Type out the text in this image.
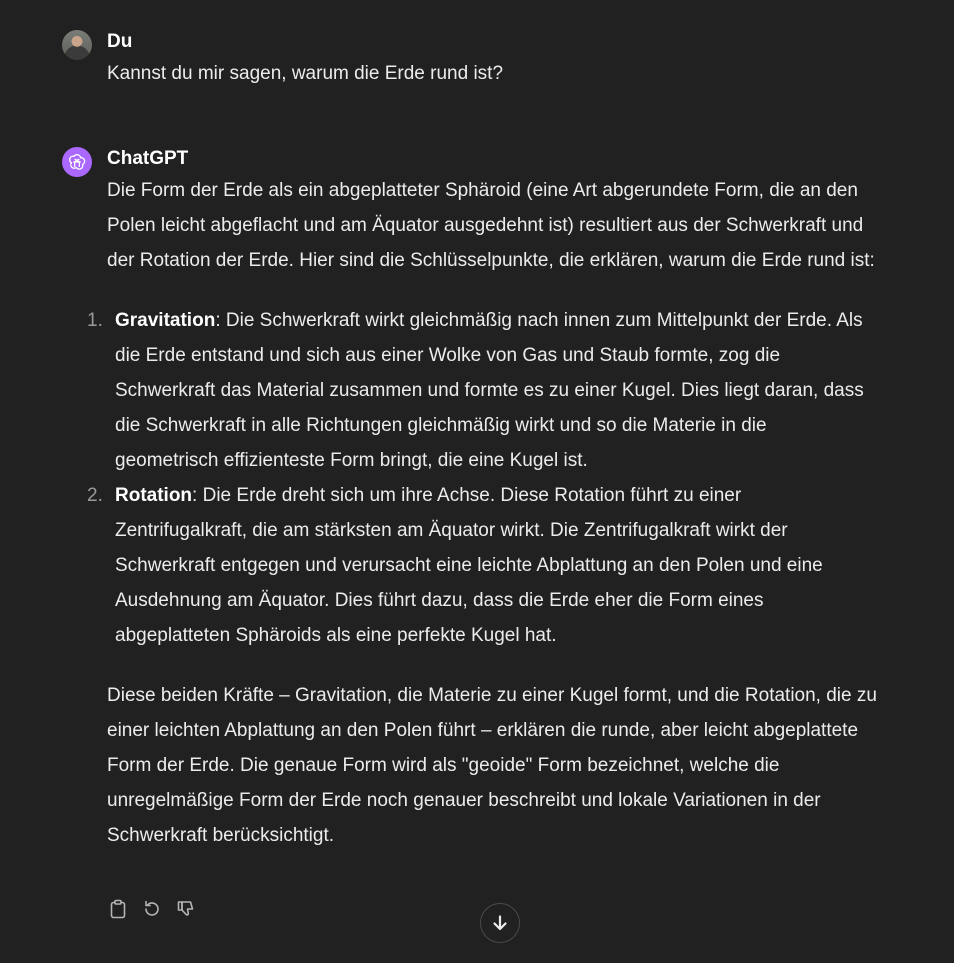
Du
Kannst du mir sagen, warum die Erde rund ist?
ChatGPT

Die Form der Erde als ein abgeplatteter Sphäroid (eine Art abgerundete Form, die an den Polen leicht abgeflacht und am Äquator ausgedehnt ist) resultiert aus der Schwerkraft und der Rotation der Erde. Hier sind die Schlüsselpunkte, die erklären, warum die Erde rund ist:

1. Gravitation: Die Schwerkraft wirkt gleichmäßig nach innen zum Mittelpunkt der Erde. Als die Erde entstand und sich aus einer Wolke von Gas und Staub formte, zog die Schwerkraft das Material zusammen und formte es zu einer Kugel. Dies liegt daran, dass die Schwerkraft in alle Richtungen gleichmäßig wirkt und so die Materie in die geometrisch effizienteste Form bringt, die eine Kugel ist.
2. Rotation: Die Erde dreht sich um ihre Achse. Diese Rotation führt zu einer Zentrifugalkraft, die am stärksten am Äquator wirkt. Die Zentrifugalkraft wirkt der Schwerkraft entgegen und verursacht eine leichte Abplattung an den Polen und eine Ausdehnung am Äquator. Dies führt dazu, dass die Erde eher die Form eines abgeplatteten Sphäroids als eine perfekte Kugel hat.

Diese beiden Kräfte – Gravitation, die Materie zu einer Kugel formt, und die Rotation, die zu einer leichten Abplattung an den Polen führt – erklären die runde, aber leicht abgeplattete Form der Erde. Die genaue Form wird als "geoide" Form bezeichnet, welche die unregelmäßige Form der Erde noch genauer beschreibt und lokale Variationen in der Schwerkraft berücksichtigt.
